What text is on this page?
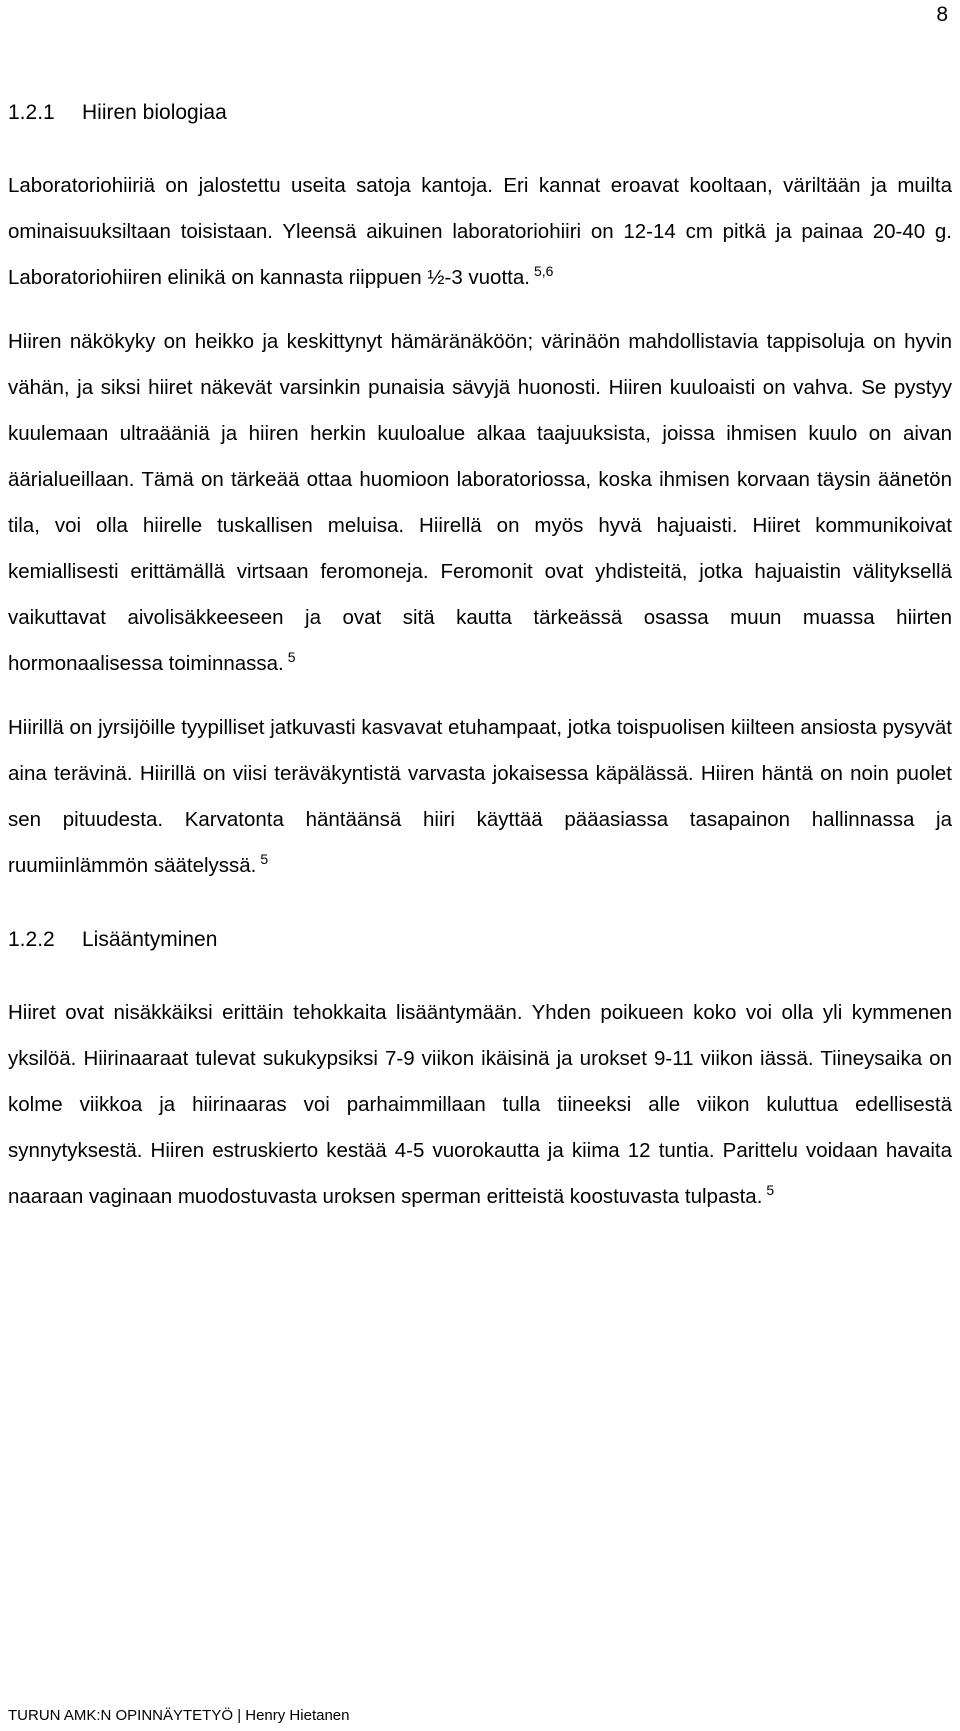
8
1.2.1 Hiiren biologiaa

Laboratoriohiiriä on jalostettu useita satoja kantoja. Eri kannat eroavat kooltaan, väriltään ja muilta ominaisuuksiltaan toisistaan. Yleensä aikuinen laboratoriohiiri on 12-14 cm pitkä ja painaa 20-40 g. Laboratoriohiiren elinikä on kannasta riippuen ½-3 vuotta. $^{5,6}$

Hiiren näkökyky on heikko ja keskittynyt hämäränäköön; värinäön mahdollistavia tappisoluja on hyvin vähän, ja siksi hiiret näkevät varsinkin punaisia sävyjä huonosti. Hiiren kuuloaisti on vahva. Se pystyy kuulemaan ultraääniä ja hiiren herkin kuuloalue alkaa taajuuksista, joissa ihmisen kuulo on aivan äärialueillaan. Tämä on tärkeää ottaa huomioon laboratoriossa, koska ihmisen korvaan täysin äänetön tila, voi olla hiirelle tuskallisen meluisa. Hiirellä on myös hyvä hajuaisti. Hiiret kommunikoivat kemiallisesti erittämällä virtsaan feromoneja. Feromonit ovat yhdisteitä, jotka hajuaistin välityksellä vaikuttavat aivolisäkkeeseen ja ovat sitä kautta tärkeässä osassa muun muassa hiirten hormonaalisessa toiminnassa. $^5$

Hiirillä on jyrsijöille tyypilliset jatkuvasti kasvavat etuhampaat, jotka toispuolisen kiilteen ansiosta pysyvät aina terävinä. Hiirillä on viisi teräväkyntistä varvasta jokaisessa käpälässä. Hiiren häntä on noin puolet sen pituudesta. Karvatonta häntäänsä hiiri käyttää pääasiassa tasapainon hallinnassa ja ruumiinlämmön säätelyssä. $^5$

1.2.2 Lisääntyminen

Hiiret ovat nisäkkäiksi erittäin tehokkaita lisääntymään. Yhden poikueen koko voi olla yli kymmenen yksilöä. Hiirinaaraat tulevat sukukypsiksi 7-9 viikon ikäisinä ja urokset 9-11 viikon iässä. Tiineysaika on kolme viikkoa ja hiirinaaras voi parhaimmillaan tulla tiineeksi alle viikon kuluttua edellisestä synnytyksestä. Hiiren estruskierto kestää 4-5 vuorokautta ja kiima 12 tuntia. Parittelu voidaan havaita naaraan vaginaan muodostuvasta uroksen sperman eritteistä koostuvasta tulpasta. $^5$

TURUN AMK:N OPINNÄYTETYÖ | Henry Hietanen
